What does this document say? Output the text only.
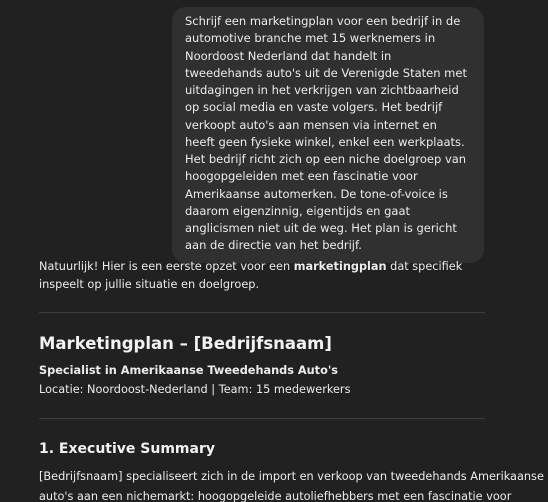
Schrijf een marketingplan voor een bedrijf in de automotive branche met 15 werknemers in Noordoost Nederland dat handelt in tweedehands auto's uit de Verenigde Staten met uitdagingen in het verkrijgen van zichtbaarheid op social media en vaste volgers. Het bedrijf verkoopt auto's aan mensen via internet en heeft geen fysieke winkel, enkel een werkplaats. Het bedrijf richt zich op een niche doelgroep van hoogopgeleiden met een fascinatie voor Amerikaanse automerken. De tone-of-voice is daarom eigenzinnig, eigentijds en gaat anglicismen niet uit de weg. Het plan is gericht aan de directie van het bedrijf.
Natuurlijk! Hier is een eerste opzet voor een marketingplan dat specifiek inspeelt op jullie situatie en doelgroep.
Marketingplan – [Bedrijfsnaam]
Specialist in Amerikaanse Tweedehands Auto's
Locatie: Noordoost-Nederland | Team: 15 medewerkers
1. Executive Summary
[Bedrijfsnaam] specialiseert zich in de import en verkoop van tweedehands Amerikaanse
auto's aan een nichemarkt: hoogopgeleide autoliefhebbers met een fascinatie voor
